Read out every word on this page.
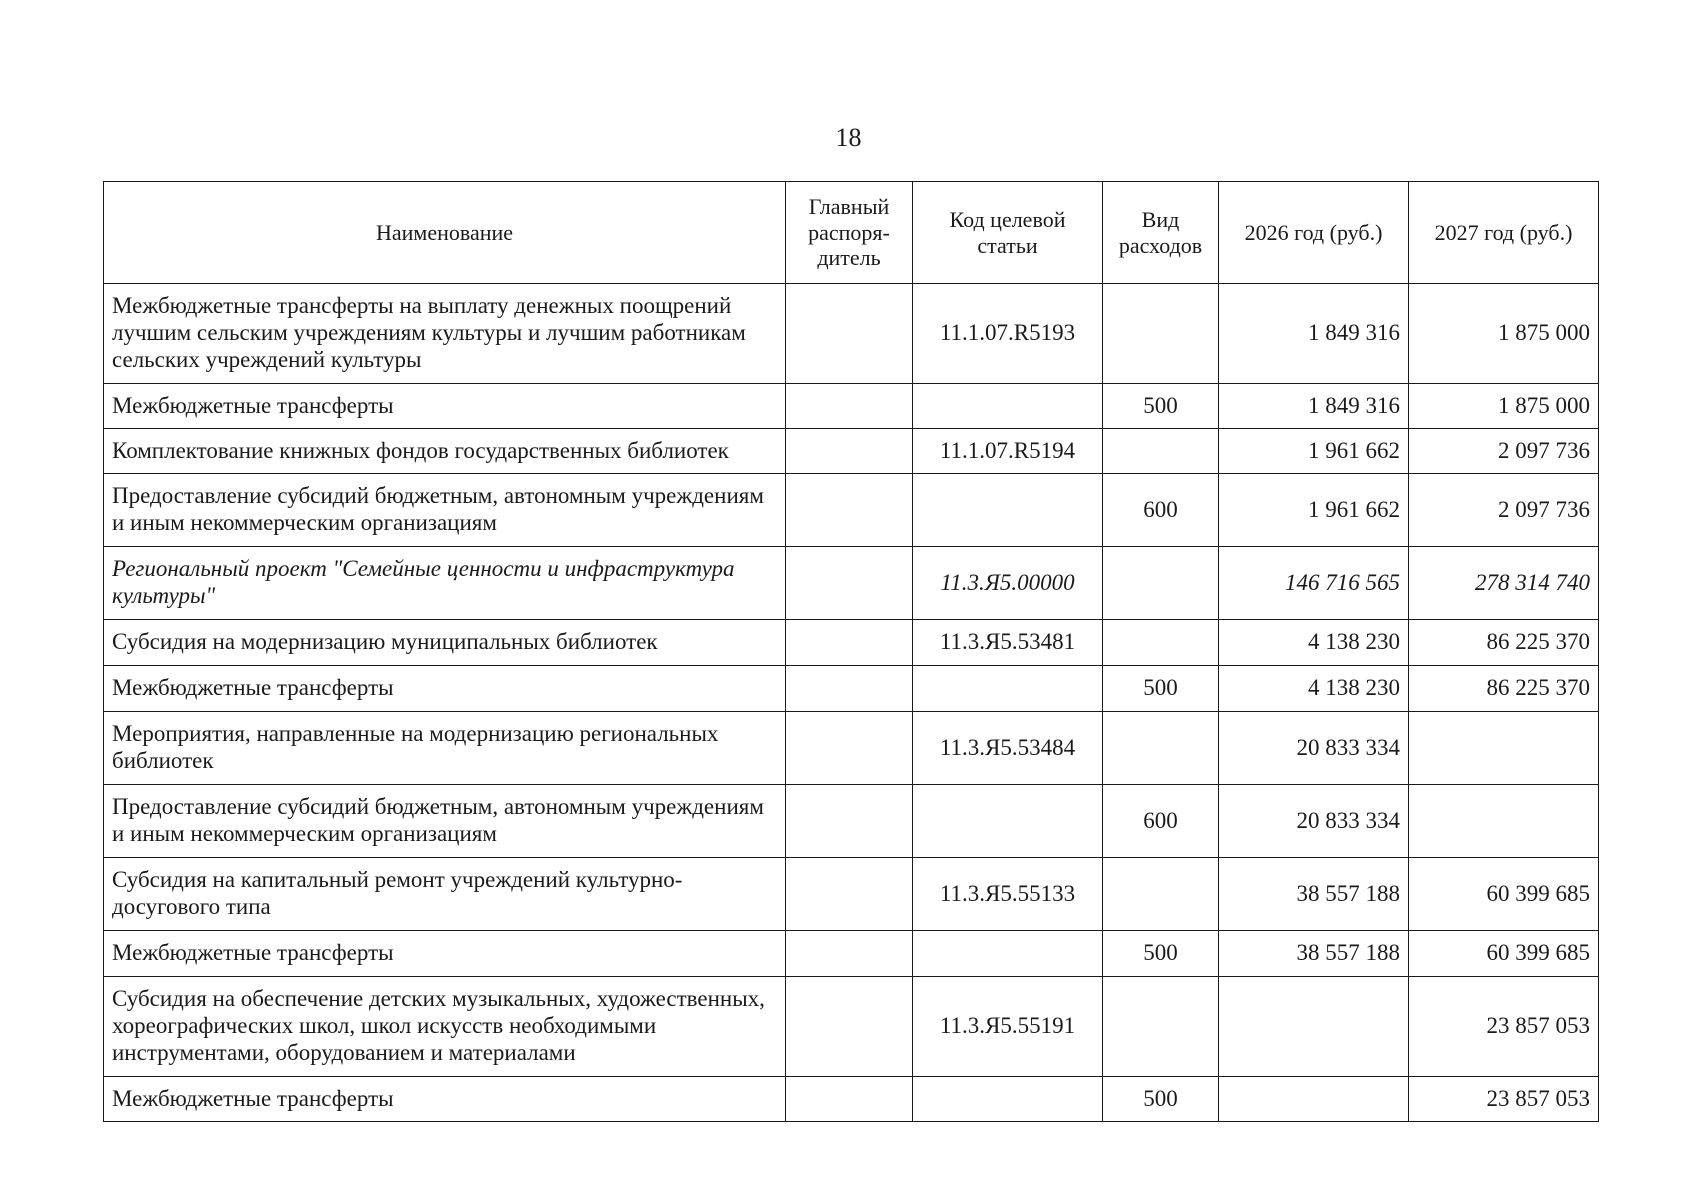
18
Наименование	Главный распоря-дитель	Код целевой статьи	Вид расходов	2026 год (руб.)	2027 год (руб.)
Межбюджетные трансферты на выплату денежных поощрений лучшим сельским учреждениям культуры и лучшим работникам сельских учреждений культуры		11.1.07.R5193		1 849 316	1 875 000
Межбюджетные трансферты			500	1 849 316	1 875 000
Комплектование книжных фондов государственных библиотек		11.1.07.R5194		1 961 662	2 097 736
Предоставление субсидий бюджетным, автономным учреждениям и иным некоммерческим организациям			600	1 961 662	2 097 736
Региональный проект "Семейные ценности и инфраструктура культуры"		11.3.Я5.00000		146 716 565	278 314 740
Субсидия на модернизацию муниципальных библиотек		11.3.Я5.53481		4 138 230	86 225 370
Межбюджетные трансферты			500	4 138 230	86 225 370
Мероприятия, направленные на модернизацию региональных библиотек		11.3.Я5.53484		20 833 334	
Предоставление субсидий бюджетным, автономным учреждениям и иным некоммерческим организациям			600	20 833 334	
Субсидия на капитальный ремонт учреждений культурно-досугового типа		11.3.Я5.55133		38 557 188	60 399 685
Межбюджетные трансферты			500	38 557 188	60 399 685
Субсидия на обеспечение детских музыкальных, художественных, хореографических школ, школ искусств необходимыми инструментами, оборудованием и материалами		11.3.Я5.55191			23 857 053
Межбюджетные трансферты			500		23 857 053
